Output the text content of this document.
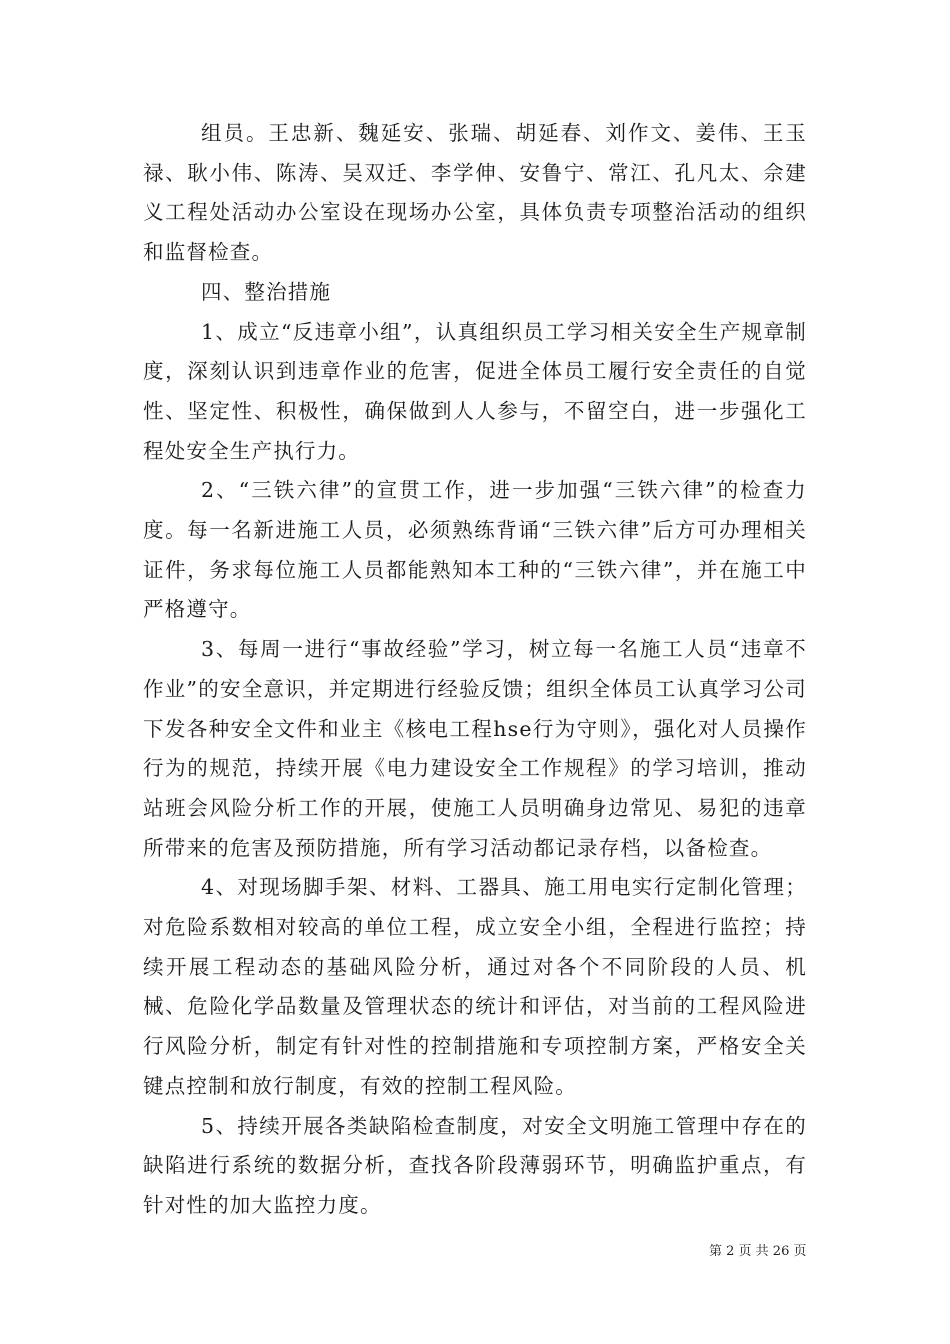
组员。王忠新、魏延安、张瑞、胡延春、刘作文、姜伟、王玉禄、耿小伟、陈涛、吴双迁、李学伸、安鲁宁、常江、孔凡太、佘建义工程处活动办公室设在现场办公室，具体负责专项整治活动的组织和监督检查。

四、整治措施

1、成立“反违章小组”，认真组织员工学习相关安全生产规章制度，深刻认识到违章作业的危害，促进全体员工履行安全责任的自觉性、坚定性、积极性，确保做到人人参与，不留空白，进一步强化工程处安全生产执行力。

2、“三铁六律”的宣贯工作，进一步加强“三铁六律”的检查力度。每一名新进施工人员，必须熟练背诵“三铁六律”后方可办理相关证件，务求每位施工人员都能熟知本工种的“三铁六律”，并在施工中严格遵守。

3、每周一进行“事故经验”学习，树立每一名施工人员“违章不作业”的安全意识，并定期进行经验反馈；组织全体员工认真学习公司下发各种安全文件和业主《核电工程hse行为守则》，强化对人员操作行为的规范，持续开展《电力建设安全工作规程》的学习培训，推动站班会风险分析工作的开展，使施工人员明确身边常见、易犯的违章所带来的危害及预防措施，所有学习活动都记录存档，以备检查。

4、对现场脚手架、材料、工器具、施工用电实行定制化管理；对危险系数相对较高的单位工程，成立安全小组，全程进行监控；持续开展工程动态的基础风险分析，通过对各个不同阶段的人员、机械、危险化学品数量及管理状态的统计和评估，对当前的工程风险进行风险分析，制定有针对性的控制措施和专项控制方案，严格安全关键点控制和放行制度，有效的控制工程风险。

5、持续开展各类缺陷检查制度，对安全文明施工管理中存在的缺陷进行系统的数据分析，查找各阶段薄弱环节，明确监护重点，有针对性的加大监控力度。

第 2 页 共 26 页
